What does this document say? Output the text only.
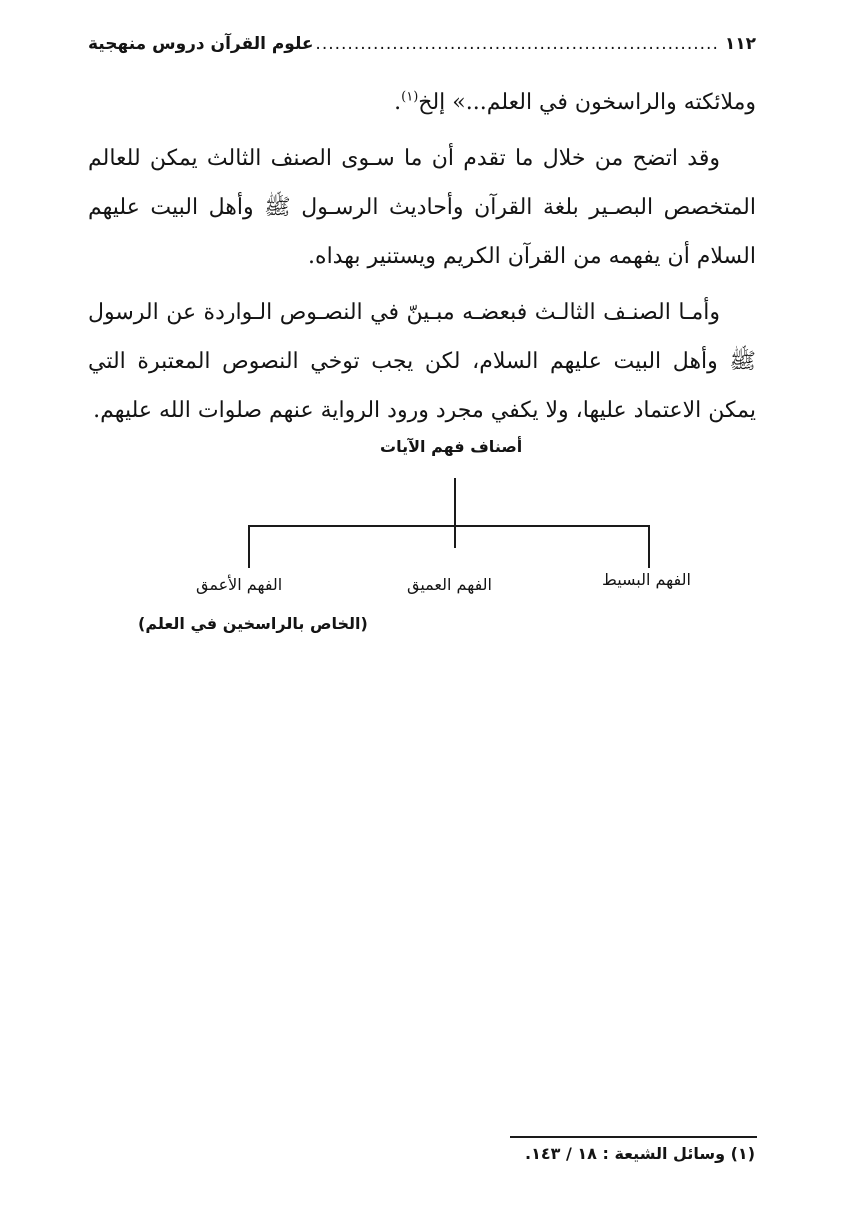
١١٢
.....
علوم القرآن دروس منهجية

وملائكته والراسخون في العلم...» إلخ$^{(١)}$.

وقد اتضح من خلال ما تقدم أن ما سـوى الصنف الثالث يمكن للعالم المتخصص البصـير بلغة القرآن وأحاديث الرسـول ﷺ وأهل البيت عليهم السلام أن يفهمه من القرآن الكريم ويستنير بهداه.

وأمـا الصنـف الثالـث فبعضـه مبـينّ في النصـوص الـواردة عن الرسول ﷺ وأهل البيت عليهم السلام، لكن يجب توخي النصوص المعتبرة التي يمكن الاعتماد عليها، ولا يكفي مجرد ورود الرواية عنهم صلوات الله عليهم.

أصناف فهم الآيات
الفهم البسيط
الفهم العميق
الفهم الأعمق
(الخاص بالراسخين في العلم)
(١) وسائل الشيعة : ١٨ / ١٤٣.
